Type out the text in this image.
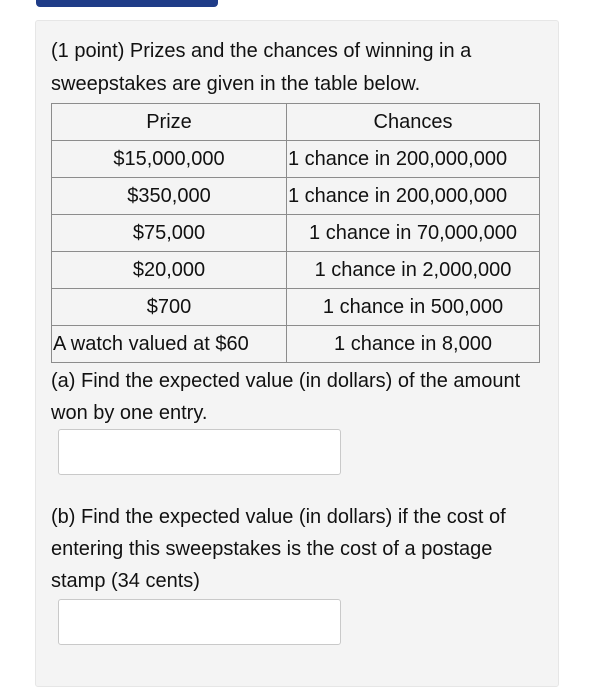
(1 point) Prizes and the chances of winning in a sweepstakes are given in the table below.
Prize	Chances
$15,000,000	1 chance in 200,000,000
$350,000	1 chance in 200,000,000
$75,000	1 chance in 70,000,000
$20,000	1 chance in 2,000,000
$700	1 chance in 500,000
A watch valued at $60	1 chance in 8,000
(a) Find the expected value (in dollars) of the amount won by one entry.
(b) Find the expected value (in dollars) if the cost of entering this sweepstakes is the cost of a postage stamp (34 cents)
